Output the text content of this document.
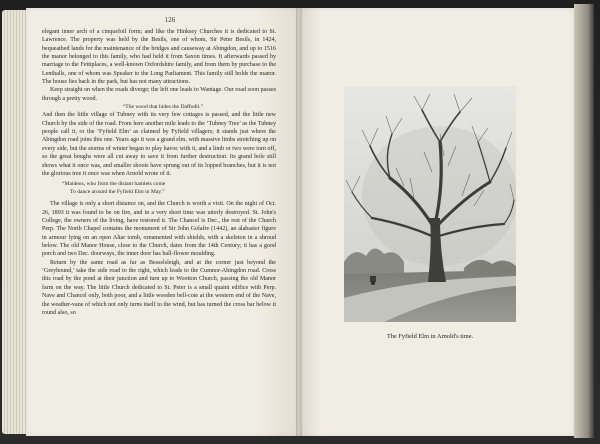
126

elegant inner arch of a cinquefoil form; and like the Hinksey Churches it is dedicated to St. Lawrence. The property was held by the Besils, one of whom, Sir Peter Besils, in 1424, bequeathed lands for the maintenance of the bridges and causeway at Abingdon, and up to 1516 the manor belonged to this family, who had held it from Saxon times. It afterwards passed by marriage to the Fettiplaces, a well-known Oxfordshire family, and from them by purchase to the Lenthalls, one of whom was Speaker to the Long Parliament. This family still holds the manor. The house lies back in the park, but has not many attractions.

Keep straight on when the roads diverge; the left one leads to Wantage. Our road soon passes through a pretty wood.

“The wood that hides the Daffodil.”

And then the little village of Tubney with its very few cottages is passed, and the little new Church by the side of the road. From here another mile leads to the ‘Tubney Tree’ as the Tubney people call it, or the ‘Fyfield Elm’ as claimed by Fyfield villagers; it stands just where the Abingdon road joins this one. Years ago it was a grand elm, with massive limbs stretching up on every side, but the storms of winter began to play havoc with it, and a limb or two were torn off, so the great boughs were all cut away to save it from further destruction. Its grand bole still shows what it once was, and smaller shoots have sprung out of its lopped branches, but it is not the glorious tree it once was when Arnold wrote of it.

“Maidens, who from the distant hamlets come
To dance around the Fyfield Elm in May.”

The village is only a short distance on, and the Church is worth a visit. On the night of Oct. 26, 1893 it was found to be on fire, and in a very short time was utterly destroyed. St. John's College, the owners of the living, have restored it. The Chancel is Dec., the rest of the Church Perp. The North Chapel contains the monument of Sir John Golafre (1442), an alabaster figure in armour lying on an open Altar tomb, ornamented with shields, with a skeleton in a shroud below. The old Manor House, close to the Church, dates from the 14th Century; it has a good porch and two Dec. doorways, the inner door has ball-flower moulding.

Return by the same road as far as Besselsleigh, and at the corner just beyond the ‘Greyhound,’ take the side road to the right, which leads to the Cumnor-Abingdon road. Cross this road by the pond at their junction and turn up to Wootton Church, passing the old Manor farm on the way. The little Church dedicated to St. Peter is a small quaint edifice with Perp. Nave and Chancel only, both poor, and a little wooden bell-cote at the western end of the Nave, the weather-vane of which not only turns itself to the wind, but has turned the cross bar below it round also, so

The Fyfield Elm in Arnold's time.
